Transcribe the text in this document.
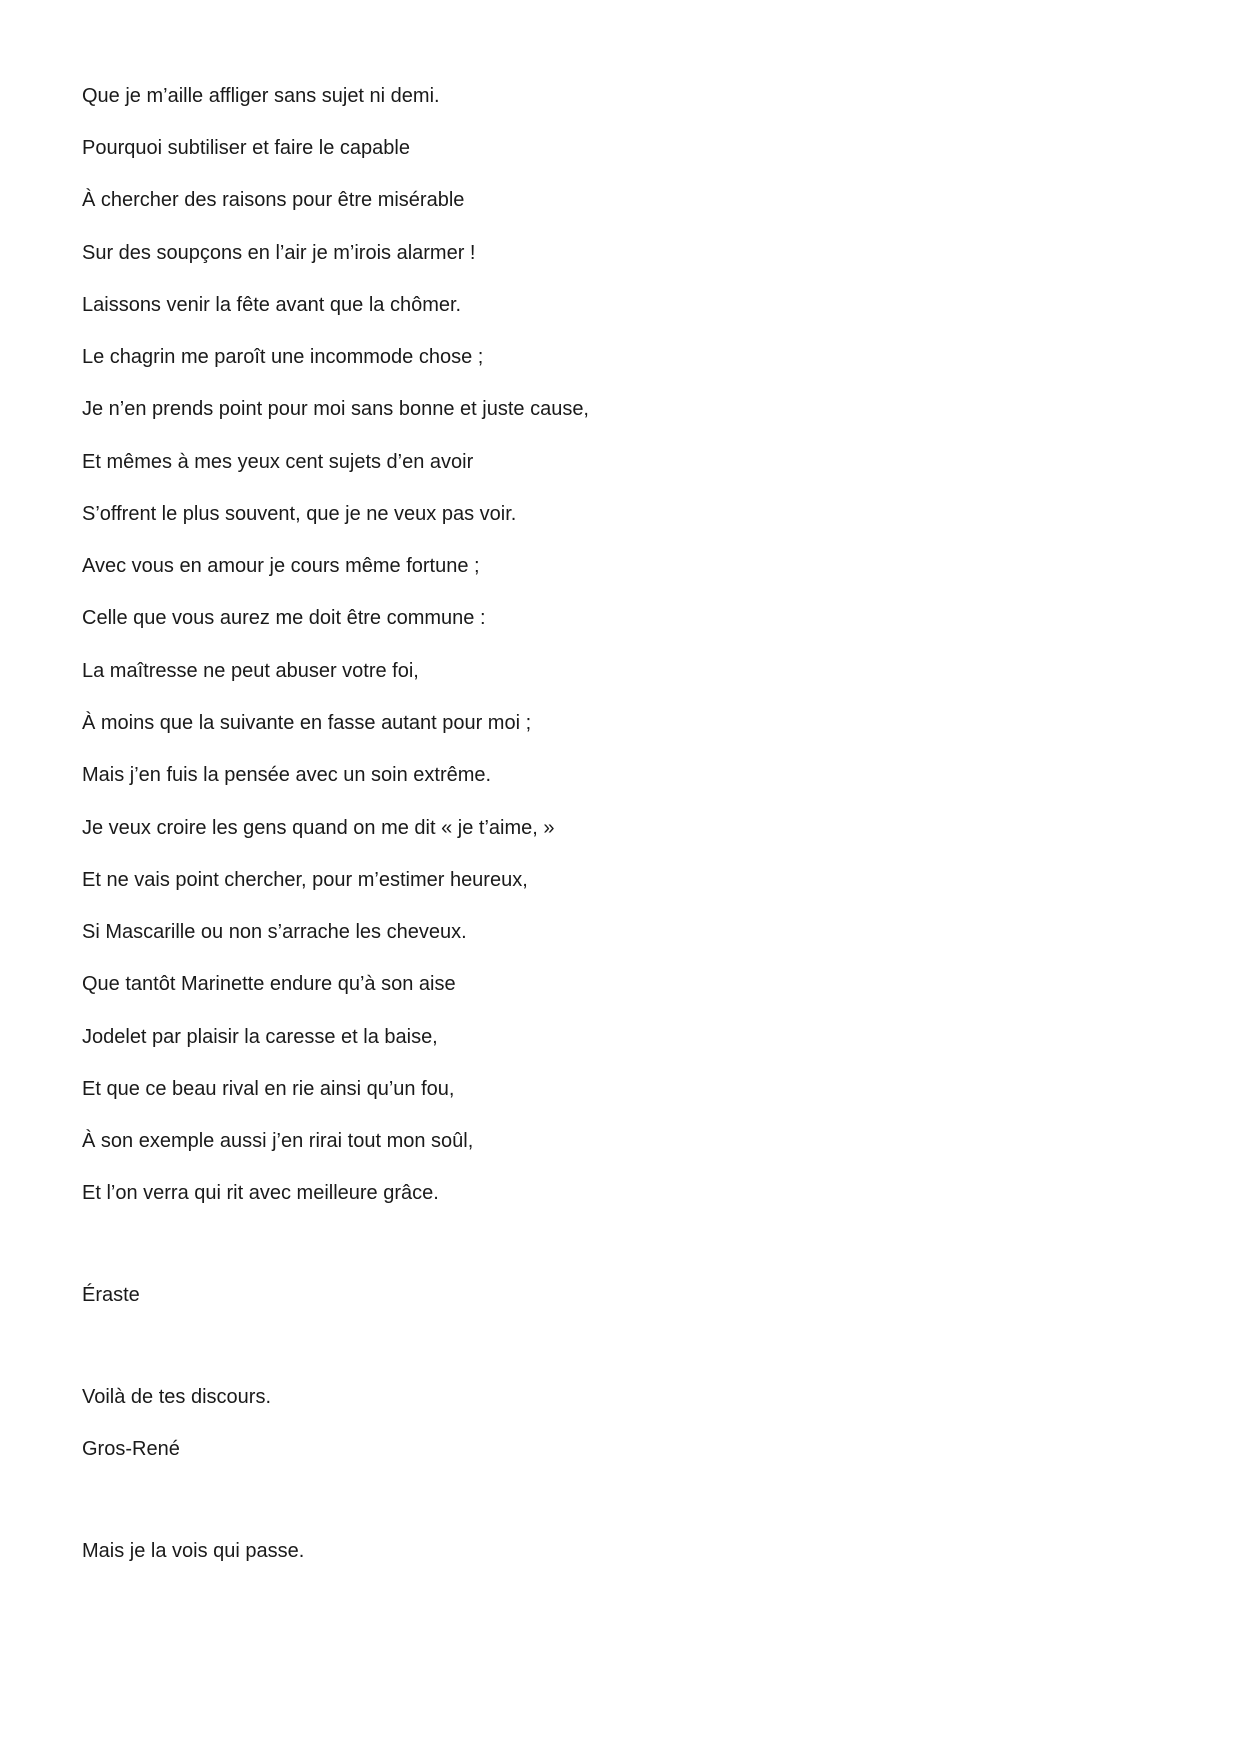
Que je m’aille affliger sans sujet ni demi.
Pourquoi subtiliser et faire le capable
À chercher des raisons pour être misérable
Sur des soupçons en l’air je m’irois alarmer !
Laissons venir la fête avant que la chômer.
Le chagrin me paroît une incommode chose ;
Je n’en prends point pour moi sans bonne et juste cause,
Et mêmes à mes yeux cent sujets d’en avoir
S’offrent le plus souvent, que je ne veux pas voir.
Avec vous en amour je cours même fortune ;
Celle que vous aurez me doit être commune :
La maîtresse ne peut abuser votre foi,
À moins que la suivante en fasse autant pour moi ;
Mais j’en fuis la pensée avec un soin extrême.
Je veux croire les gens quand on me dit « je t’aime, »
Et ne vais point chercher, pour m’estimer heureux,
Si Mascarille ou non s’arrache les cheveux.
Que tantôt Marinette endure qu’à son aise
Jodelet par plaisir la caresse et la baise,
Et que ce beau rival en rie ainsi qu’un fou,
À son exemple aussi j’en rirai tout mon soûl,
Et l’on verra qui rit avec meilleure grâce.
Éraste
Voilà de tes discours.
Gros-René
Mais je la vois qui passe.
